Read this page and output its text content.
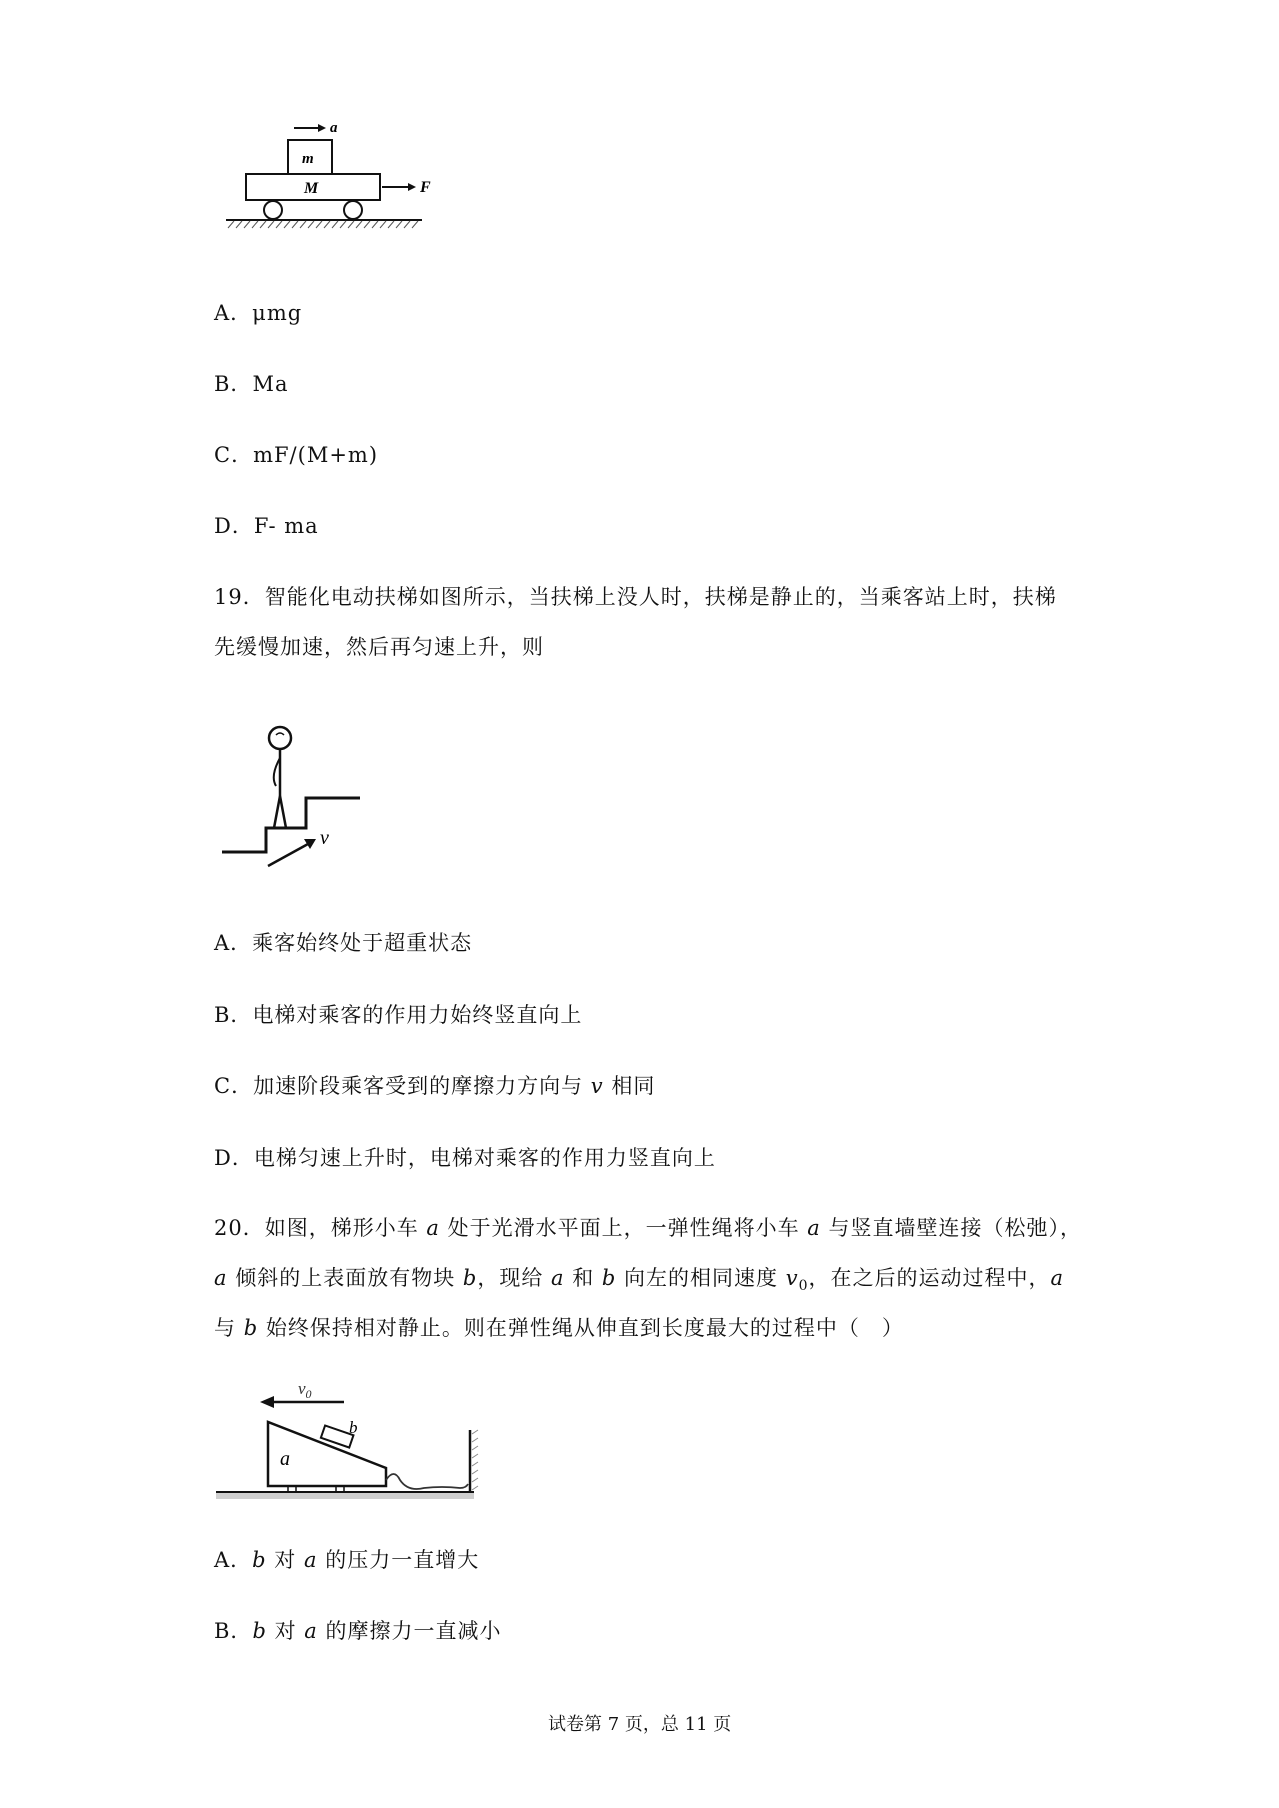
a
m
M	F
A．μmg
B．Ma
C．mF/(M+m)
D．F- ma
19．智能化电动扶梯如图所示，当扶梯上没人时，扶梯是静止的，当乘客站上时，扶梯
先缓慢加速，然后再匀速上升，则
v
A．乘客始终处于超重状态
B．电梯对乘客的作用力始终竖直向上
C．加速阶段乘客受到的摩擦力方向与 v 相同
D．电梯匀速上升时，电梯对乘客的作用力竖直向上
20．如图，梯形小车 a 处于光滑水平面上，一弹性绳将小车 a 与竖直墙壁连接（松弛），
a 倾斜的上表面放有物块 b，现给 a 和 b 向左的相同速度 $v_0$，在之后的运动过程中，a
与 b 始终保持相对静止。则在弹性绳从伸直到长度最大的过程中（　）
$v_0$
a
b
A．b 对 a 的压力一直增大
B．b 对 a 的摩擦力一直减小
试卷第 7 页，总 11 页
